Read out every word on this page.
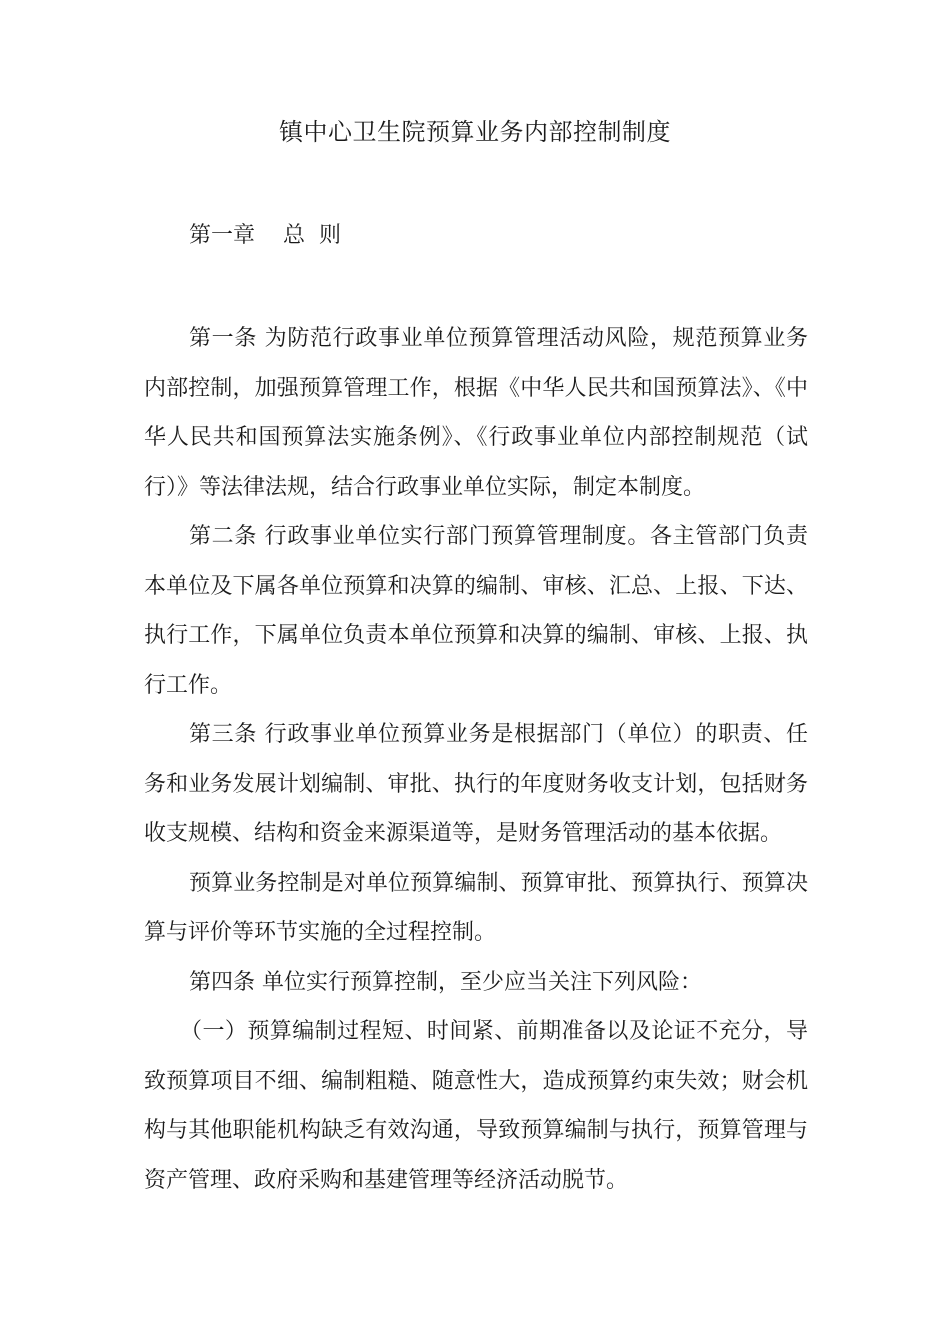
镇中心卫生院预算业务内部控制制度
第一章    总  则

第一条 为防范行政事业单位预算管理活动风险，规范预算业务内部控制，加强预算管理工作，根据《中华人民共和国预算法》、《中华人民共和国预算法实施条例》、《行政事业单位内部控制规范（试行）》等法律法规，结合行政事业单位实际，制定本制度。

第二条 行政事业单位实行部门预算管理制度。各主管部门负责本单位及下属各单位预算和决算的编制、审核、汇总、上报、下达、执行工作，下属单位负责本单位预算和决算的编制、审核、上报、执行工作。

第三条 行政事业单位预算业务是根据部门（单位）的职责、任务和业务发展计划编制、审批、执行的年度财务收支计划，包括财务收支规模、结构和资金来源渠道等，是财务管理活动的基本依据。

预算业务控制是对单位预算编制、预算审批、预算执行、预算决算与评价等环节实施的全过程控制。

第四条 单位实行预算控制，至少应当关注下列风险：

（一）预算编制过程短、时间紧、前期准备以及论证不充分，导致预算项目不细、编制粗糙、随意性大，造成预算约束失效；财会机构与其他职能机构缺乏有效沟通，导致预算编制与执行，预算管理与资产管理、政府采购和基建管理等经济活动脱节。
